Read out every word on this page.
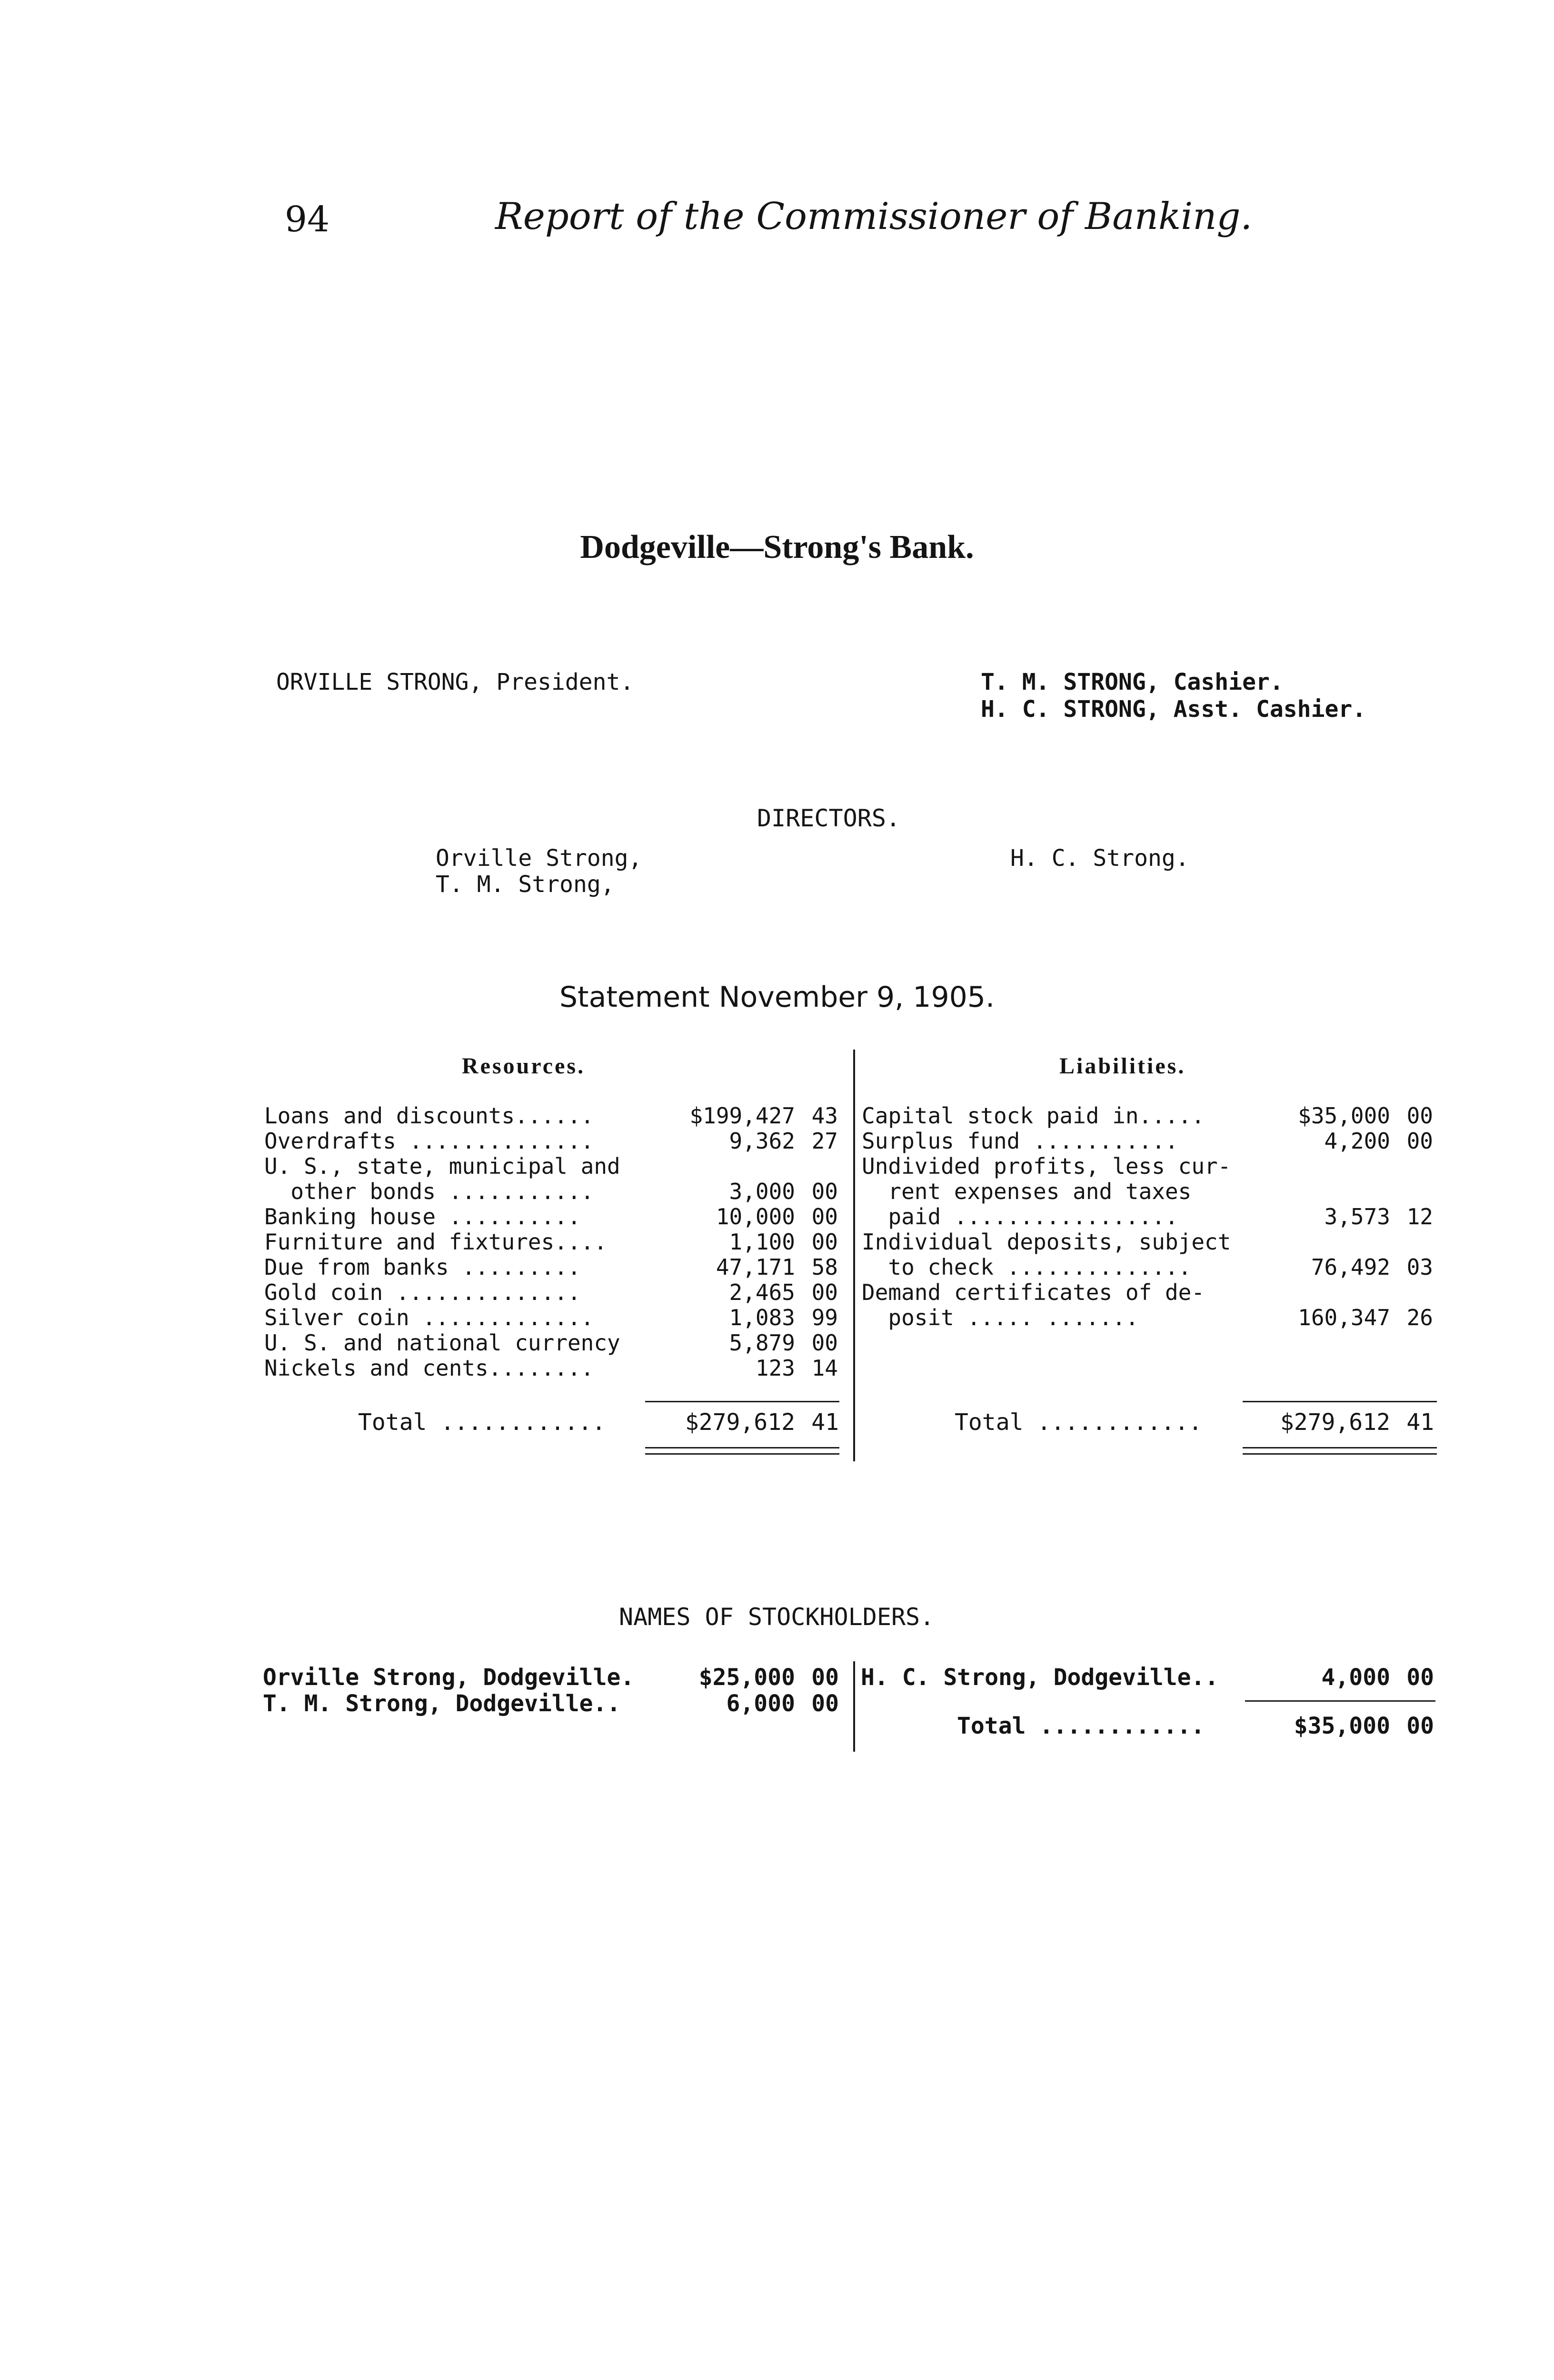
94	Report of the Commissioner of Banking.
Dodgeville—Strong's Bank.
ORVILLE STRONG, President.	T. M. STRONG, Cashier.
H. C. STRONG, Asst. Cashier.
DIRECTORS.
Orville Strong,
T. M. Strong,
H. C. Strong.
Statement November 9, 1905.
Resources.	Liabilities.
Loans and discounts......	$199,427 43
Overdrafts ..............	9,362 27
U. S., state, municipal and
other bonds ...........	3,000 00
Banking house ..........	10,000 00
Furniture and fixtures....	1,100 00
Due from banks .........	47,171 58
Gold coin ..............	2,465 00
Silver coin .............	1,083 99
U. S. and national currency	5,879 00
Nickels and cents........	123 14
Capital stock paid in.....	$35,000 00
Surplus fund ...........	4,200 00
Undivided profits, less cur-
rent expenses and taxes
paid .................	3,573 12
Individual deposits, subject
to check ..............	76,492 03
Demand certificates of de-
posit ..... .......	160,347 26
Total ............	$279,612 41	Total ............	$279,612 41
NAMES OF STOCKHOLDERS.
Orville Strong, Dodgeville.	$25,000 00
T. M. Strong, Dodgeville..	6,000 00
H. C. Strong, Dodgeville..	4,000 00
Total ............	$35,000 00
